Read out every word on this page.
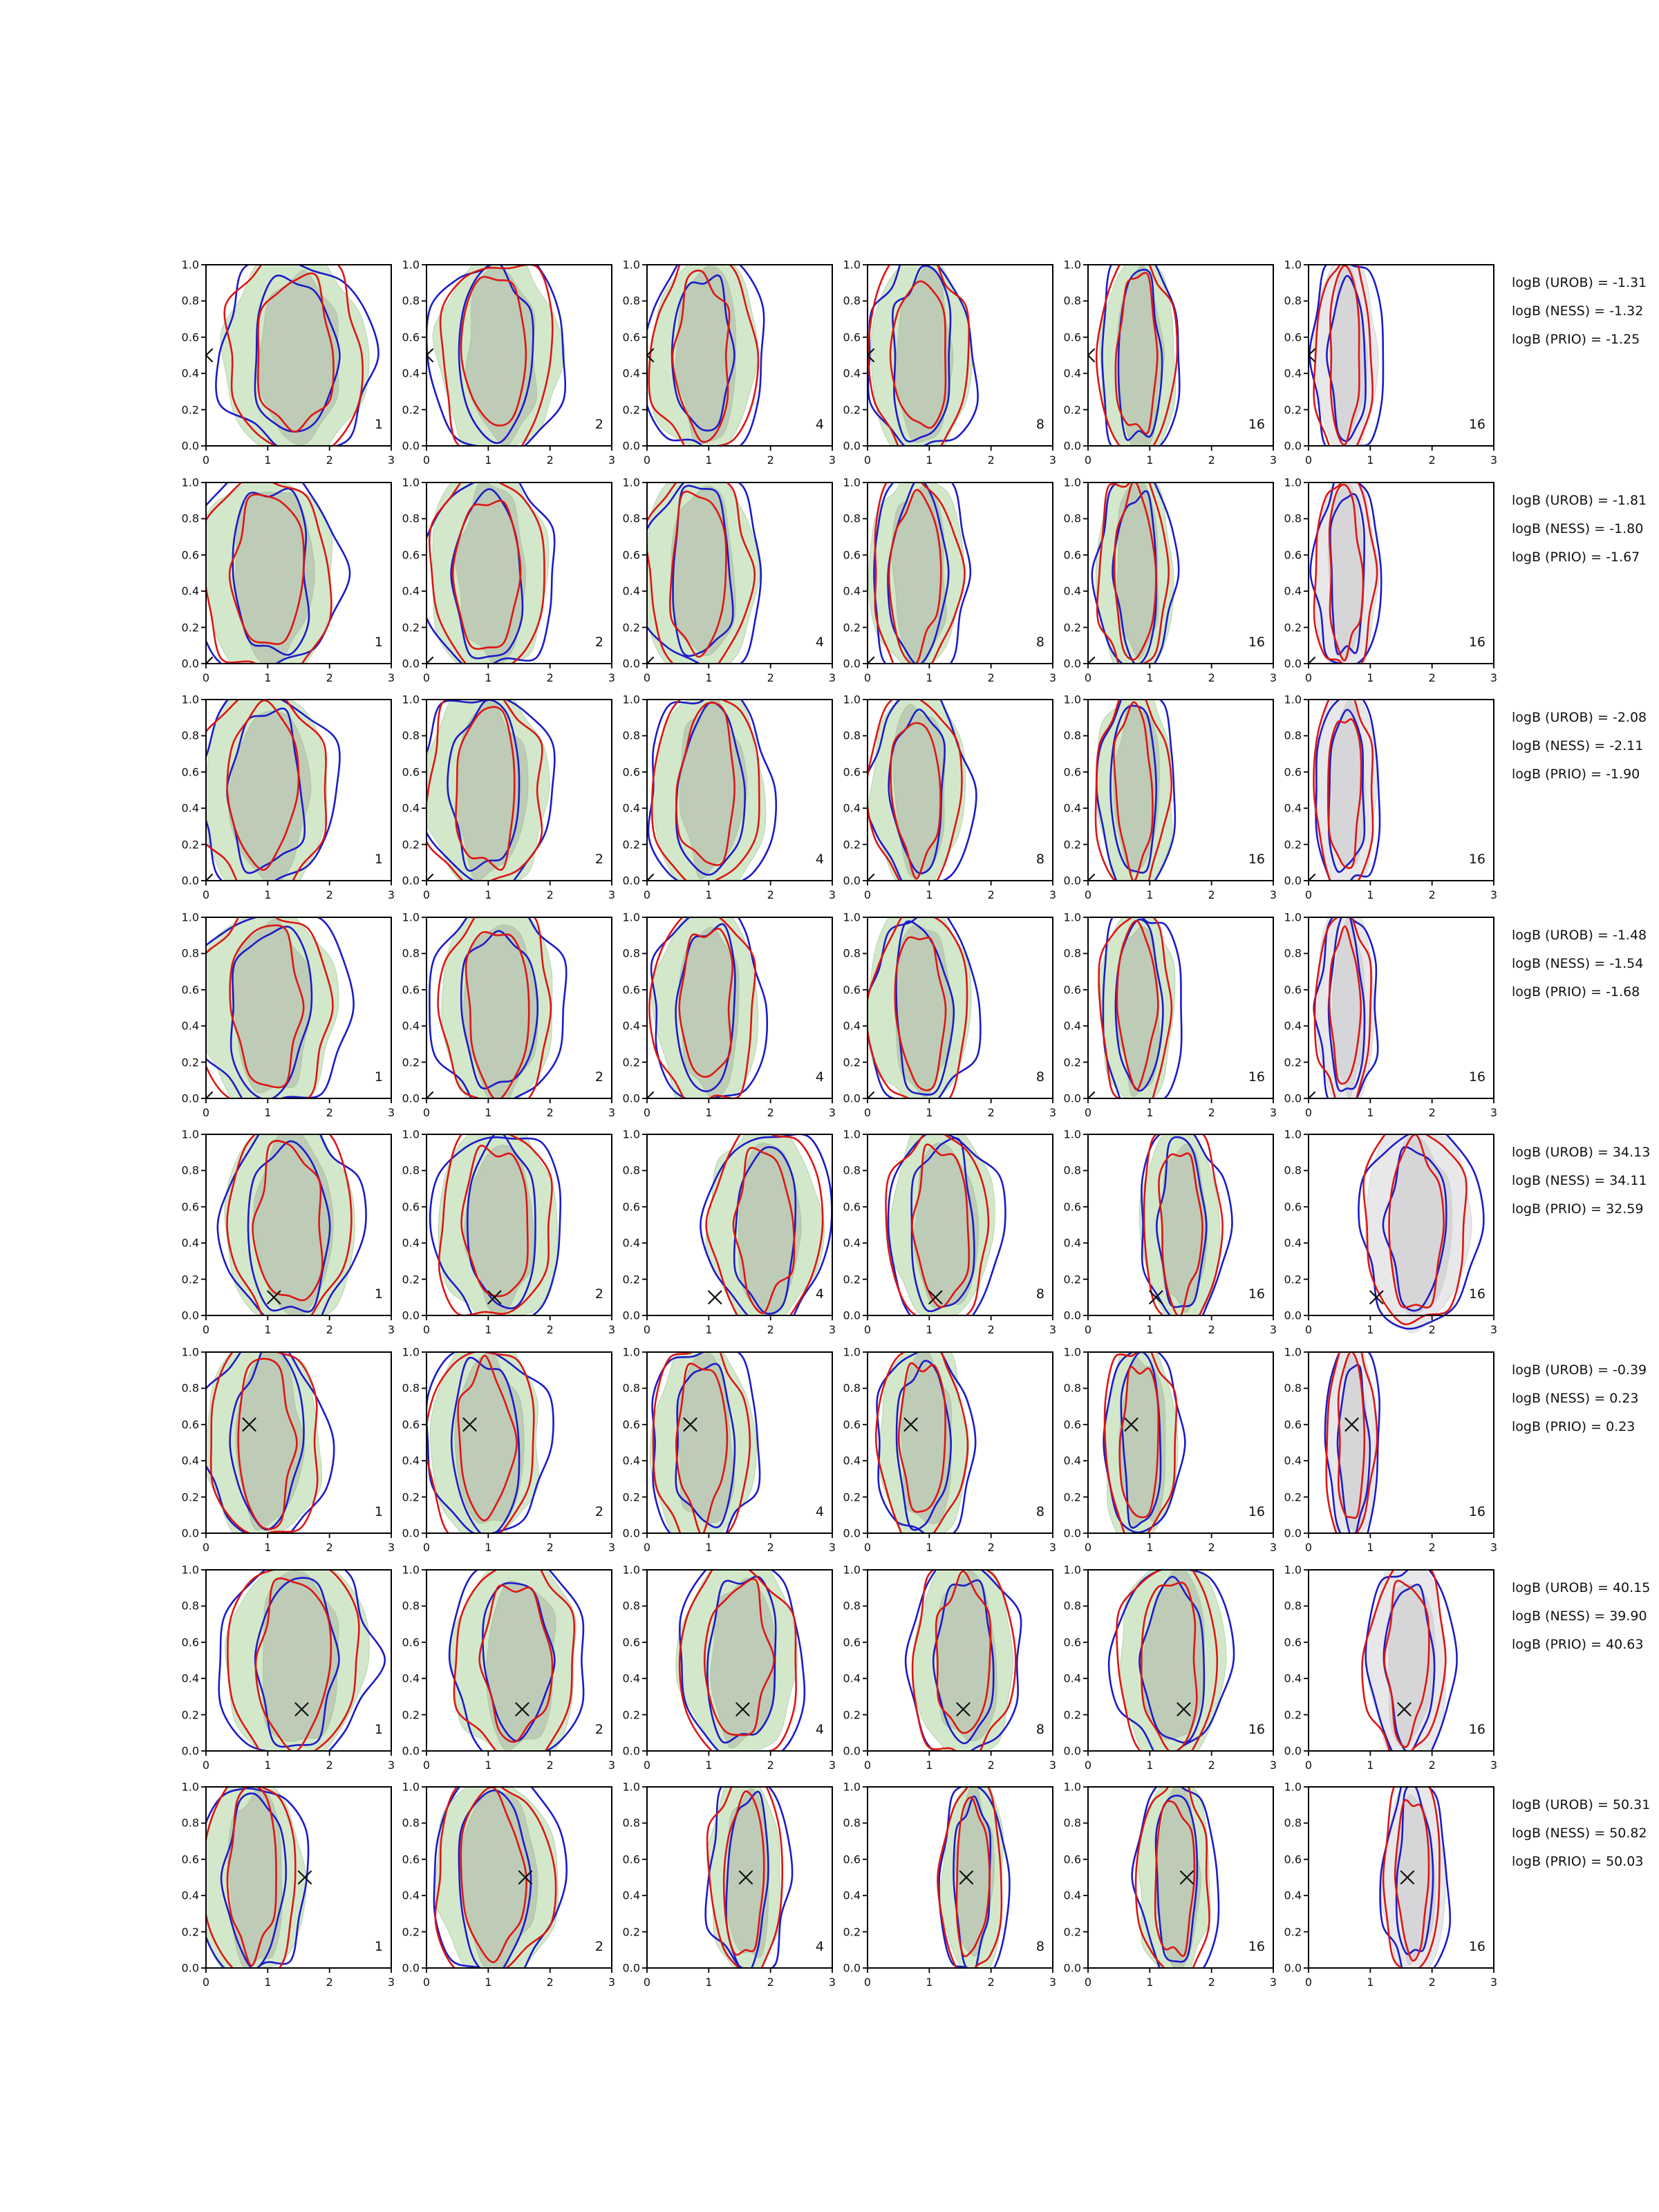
0	1	2	3
0.0
0.2
0.4
0.6
0.8
1.0
1
0	1	2	3
0.0
0.2
0.4
0.6
0.8
1.0
2
0	1	2	3
0.0
0.2
0.4
0.6
0.8
1.0
4
0	1	2	3
0.0
0.2
0.4
0.6
0.8
1.0
8
0	1	2	3
0.0
0.2
0.4
0.6
0.8
1.0
16
0	1	2	3
0.0
0.2
0.4
0.6
0.8
1.0
16
logB (UROB) = -1.31
logB (NESS) = -1.32
logB (PRIO) = -1.25
0	1	2	3
0.0
0.2
0.4
0.6
0.8
1.0
1
0	1	2	3
0.0
0.2
0.4
0.6
0.8
1.0
2
0	1	2	3
0.0
0.2
0.4
0.6
0.8
1.0
4
0	1	2	3
0.0
0.2
0.4
0.6
0.8
1.0
8
0	1	2	3
0.0
0.2
0.4
0.6
0.8
1.0
16
0	1	2	3
0.0
0.2
0.4
0.6
0.8
1.0
16
logB (UROB) = -1.81
logB (NESS) = -1.80
logB (PRIO) = -1.67
0	1	2	3
0.0
0.2
0.4
0.6
0.8
1.0
1
0	1	2	3
0.0
0.2
0.4
0.6
0.8
1.0
2
0	1	2	3
0.0
0.2
0.4
0.6
0.8
1.0
4
0	1	2	3
0.0
0.2
0.4
0.6
0.8
1.0
8
0	1	2	3
0.0
0.2
0.4
0.6
0.8
1.0
16
0	1	2	3
0.0
0.2
0.4
0.6
0.8
1.0
16
logB (UROB) = -2.08
logB (NESS) = -2.11
logB (PRIO) = -1.90
0	1	2	3
0.0
0.2
0.4
0.6
0.8
1.0
1
0	1	2	3
0.0
0.2
0.4
0.6
0.8
1.0
2
0	1	2	3
0.0
0.2
0.4
0.6
0.8
1.0
4
0	1	2	3
0.0
0.2
0.4
0.6
0.8
1.0
8
0	1	2	3
0.0
0.2
0.4
0.6
0.8
1.0
16
0	1	2	3
0.0
0.2
0.4
0.6
0.8
1.0
16
logB (UROB) = -1.48
logB (NESS) = -1.54
logB (PRIO) = -1.68
0	1	2	3
0.0
0.2
0.4
0.6
0.8
1.0
1
0	1	2	3
0.0
0.2
0.4
0.6
0.8
1.0
2
0	1	2	3
0.0
0.2
0.4
0.6
0.8
1.0
4
0	1	2	3
0.0
0.2
0.4
0.6
0.8
1.0
8
0	1	2	3
0.0
0.2
0.4
0.6
0.8
1.0
16
0	1	2	3
0.0
0.2
0.4
0.6
0.8
1.0
16
logB (UROB) = 34.13
logB (NESS) = 34.11
logB (PRIO) = 32.59
0	1	2	3
0.0
0.2
0.4
0.6
0.8
1.0
1
0	1	2	3
0.0
0.2
0.4
0.6
0.8
1.0
2
0	1	2	3
0.0
0.2
0.4
0.6
0.8
1.0
4
0	1	2	3
0.0
0.2
0.4
0.6
0.8
1.0
8
0	1	2	3
0.0
0.2
0.4
0.6
0.8
1.0
16
0	1	2	3
0.0
0.2
0.4
0.6
0.8
1.0
16
logB (UROB) = -0.39
logB (NESS) = 0.23
logB (PRIO) = 0.23
0	1	2	3
0.0
0.2
0.4
0.6
0.8
1.0
1
0	1	2	3
0.0
0.2
0.4
0.6
0.8
1.0
2
0	1	2	3
0.0
0.2
0.4
0.6
0.8
1.0
4
0	1	2	3
0.0
0.2
0.4
0.6
0.8
1.0
8
0	1	2	3
0.0
0.2
0.4
0.6
0.8
1.0
16
0	1	2	3
0.0
0.2
0.4
0.6
0.8
1.0
16
logB (UROB) = 40.15
logB (NESS) = 39.90
logB (PRIO) = 40.63
0	1	2	3
0.0
0.2
0.4
0.6
0.8
1.0
1
0	1	2	3
0.0
0.2
0.4
0.6
0.8
1.0
2
0	1	2	3
0.0
0.2
0.4
0.6
0.8
1.0
4
0	1	2	3
0.0
0.2
0.4
0.6
0.8
1.0
8
0	1	2	3
0.0
0.2
0.4
0.6
0.8
1.0
16
0	1	2	3
0.0
0.2
0.4
0.6
0.8
1.0
16
logB (UROB) = 50.31
logB (NESS) = 50.82
logB (PRIO) = 50.03
